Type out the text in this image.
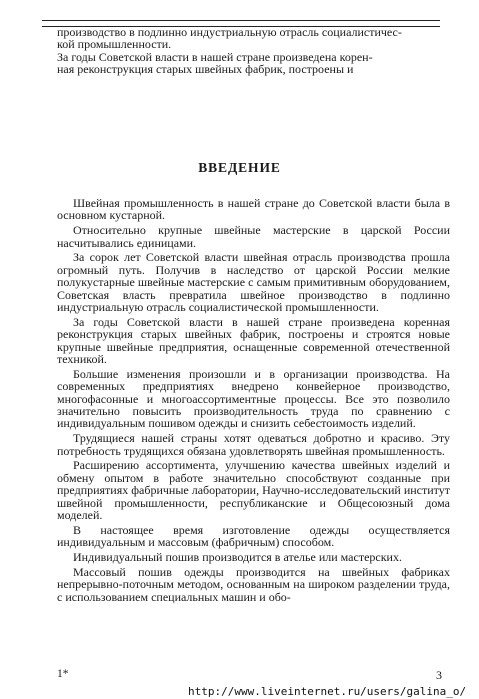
производство в подлинно индустриальную отрасль социалистичес-

кой промышленности.

За годы Советской власти в нашей стране произведена корен-

ная реконструкция старых швейных фабрик, построены и

ВВЕДЕНИЕ

Швейная промышленность в нашей стране до Советской власти была в основном кустарной.

Относительно крупные швейные мастерские в царской России насчитывались единицами.

За сорок лет Советской власти швейная отрасль производства прошла огромный путь. Получив в наследство от царской России мелкие полукустарные швейные мастерские с самым примитивным оборудованием, Советская власть превратила швейное производство в подлинно индустриальную отрасль социалистической промышленности.

За годы Советской власти в нашей стране произведена коренная реконструкция старых швейных фабрик, построены и строятся новые крупные швейные предприятия, оснащенные современной отечественной техникой.

Большие изменения произошли и в организации производства. На современных предприятиях внедрено конвейерное производство, многофасонные и многоассортиментные процессы. Все это позволило значительно повысить производительность труда по сравнению с индивидуальным пошивом одежды и снизить себестоимость изделий.

Трудящиеся нашей страны хотят одеваться добротно и красиво. Эту потребность трудящихся обязана удовлетворять швейная промышленность.

Расширению ассортимента, улучшению качества швейных изделий и обмену опытом в работе значительно способствуют созданные при предприятиях фабричные лаборатории, Научно-исследовательский институт швейной промышленности, республиканские и Общесоюзный дома моделей.

В настоящее время изготовление одежды осуществляется индивидуальным и массовым (фабричным) способом.

Индивидуальный пошив производится в ателье или мастерских.

Массовый пошив одежды производится на швейных фабриках непрерывно-поточным методом, основанным на широком разделении труда, с использованием специальных машин и обо-

1*	3
http://www.liveinternet.ru/users/galina_o/
